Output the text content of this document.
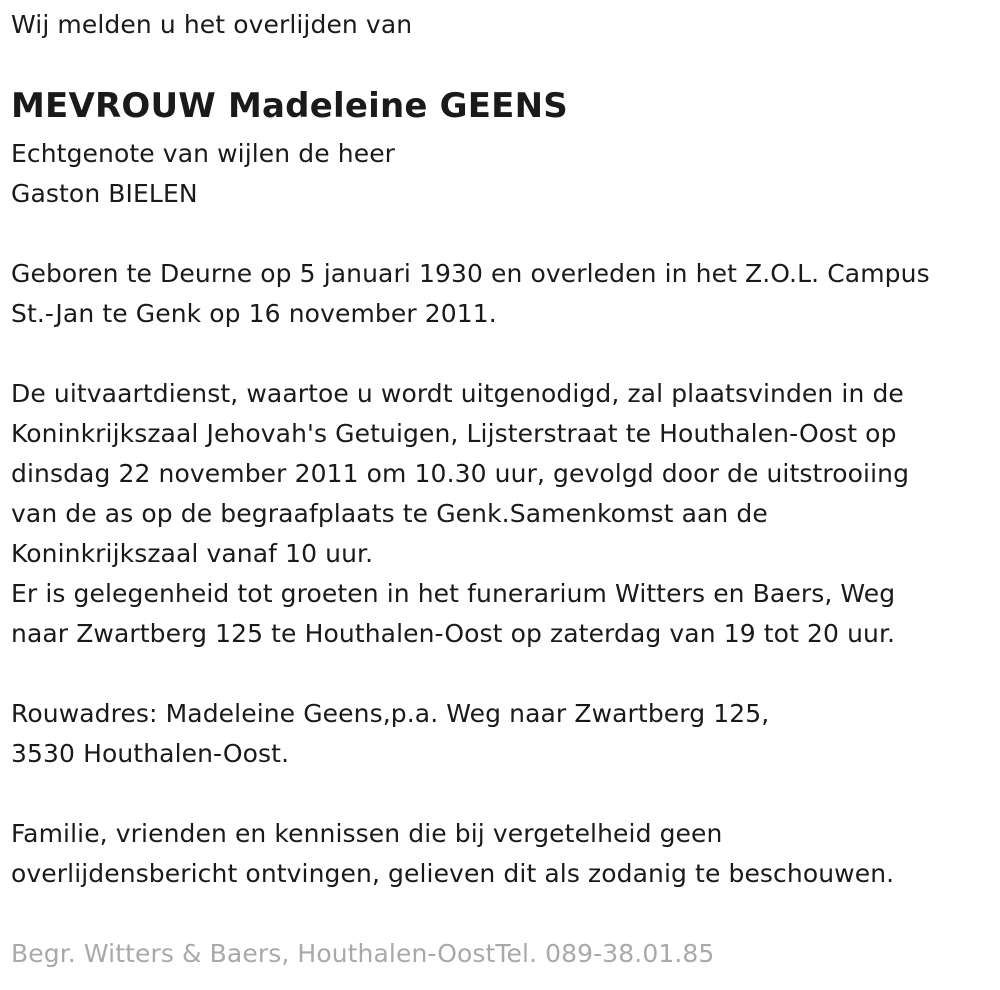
Wij melden u het overlijden van
MEVROUW Madeleine GEENS
Echtgenote van wijlen de heer
Gaston BIELEN
Geboren te Deurne op 5 januari 1930 en overleden in het Z.O.L. Campus
St.-Jan te Genk op 16 november 2011.
De uitvaartdienst, waartoe u wordt uitgenodigd, zal plaatsvinden in de
Koninkrijkszaal Jehovah's Getuigen, Lijsterstraat te Houthalen-Oost op
dinsdag 22 november 2011 om 10.30 uur, gevolgd door de uitstrooiing
van de as op de begraafplaats te Genk.Samenkomst aan de
Koninkrijkszaal vanaf 10 uur.
Er is gelegenheid tot groeten in het funerarium Witters en Baers, Weg
naar Zwartberg 125 te Houthalen-Oost op zaterdag van 19 tot 20 uur.
Rouwadres: Madeleine Geens,p.a. Weg naar Zwartberg 125,
3530 Houthalen-Oost.
Familie, vrienden en kennissen die bij vergetelheid geen
overlijdensbericht ontvingen, gelieven dit als zodanig te beschouwen.
Begr. Witters & Baers, Houthalen-OostTel. 089-38.01.85
